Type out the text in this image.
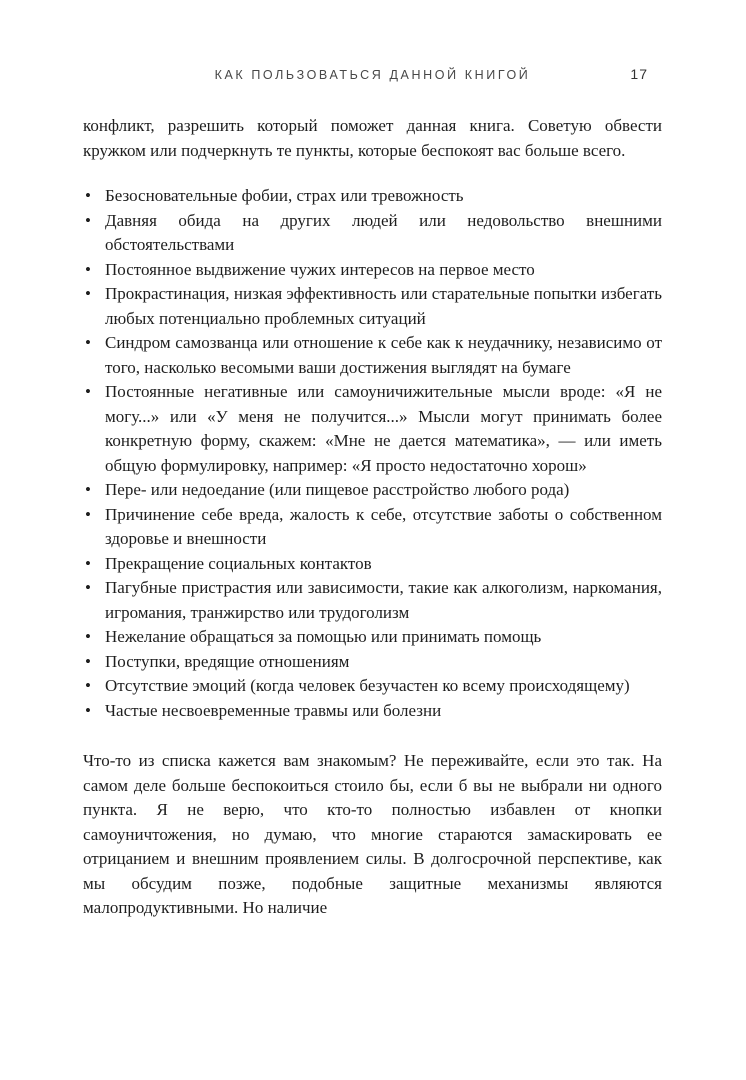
КАК ПОЛЬЗОВАТЬСЯ ДАННОЙ КНИГОЙ	17

конфликт, разрешить который поможет данная книга. Советую обвести кружком или подчеркнуть те пункты, которые беспокоят вас больше всего.

• Безосновательные фобии, страх или тревожность
• Давняя обида на других людей или недовольство внешними обстоятельствами
• Постоянное выдвижение чужих интересов на первое место
• Прокрастинация, низкая эффективность или старательные попытки избегать любых потенциально проблемных ситуаций
• Синдром самозванца или отношение к себе как к неудачнику, независимо от того, насколько весомыми ваши достижения выглядят на бумаге
• Постоянные негативные или самоуничижительные мысли вроде: «Я не могу...» или «У меня не получится...» Мысли могут принимать более конкретную форму, скажем: «Мне не дается математика», — или иметь общую формулировку, например: «Я просто недостаточно хорош»
• Пере- или недоедание (или пищевое расстройство любого рода)
• Причинение себе вреда, жалость к себе, отсутствие заботы о собственном здоровье и внешности
• Прекращение социальных контактов
• Пагубные пристрастия или зависимости, такие как алкоголизм, наркомания, игромания, транжирство или трудоголизм
• Нежелание обращаться за помощью или принимать помощь
• Поступки, вредящие отношениям
• Отсутствие эмоций (когда человек безучастен ко всему происходящему)
• Частые несвоевременные травмы или болезни

Что-то из списка кажется вам знакомым? Не переживайте, если это так. На самом деле больше беспокоиться стоило бы, если б вы не выбрали ни одного пункта. Я не верю, что кто-то полностью избавлен от кнопки самоуничтожения, но думаю, что многие стараются замаскировать ее отрицанием и внешним проявлением силы. В долгосрочной перспективе, как мы обсудим позже, подобные защитные механизмы являются малопродуктивными. Но наличие
